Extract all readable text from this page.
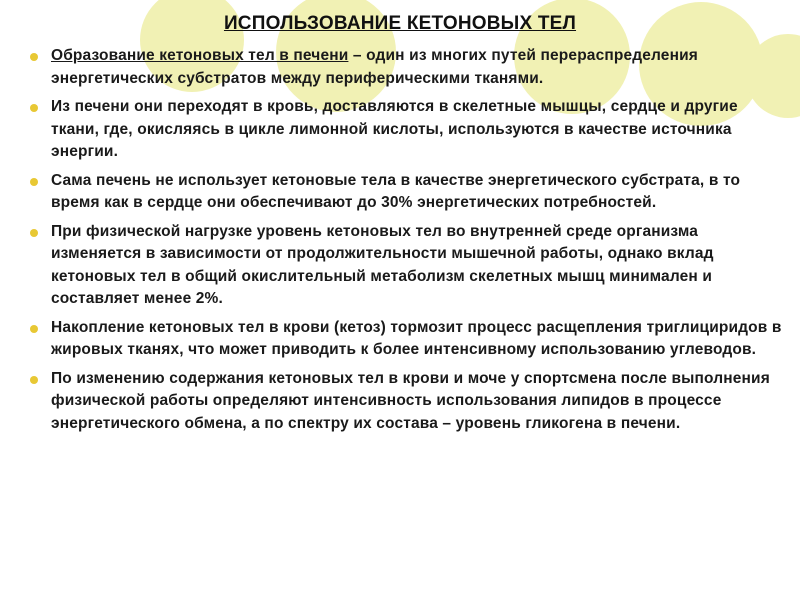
ИСПОЛЬЗОВАНИЕ КЕТОНОВЫХ ТЕЛ
Образование кетоновых тел в печени – один из многих путей перераспределения энергетических субстратов между периферическими тканями.
Из печени они переходят в кровь, доставляются в скелетные мышцы, сердце и другие ткани, где, окисляясь в цикле лимонной кислоты, используются в качестве источника энергии.
Сама печень не использует кетоновые тела в качестве энергетического субстрата, в то время как в сердце они обеспечивают до 30% энергетических потребностей.
При физической нагрузке уровень кетоновых тел во внутренней среде организма изменяется в зависимости от продолжительности мышечной работы, однако вклад кетоновых тел в общий окислительный метаболизм скелетных мышц минимален и составляет менее 2%.
Накопление кетоновых тел в крови (кетоз) тормозит процесс расщепления триглициридов в жировых тканях, что может приводить к более интенсивному использованию углеводов.
По изменению содержания кетоновых тел в крови и моче у спортсмена после выполнения физической работы определяют интенсивность использования липидов в процессе энергетического обмена, а по спектру их состава – уровень гликогена в печени.
